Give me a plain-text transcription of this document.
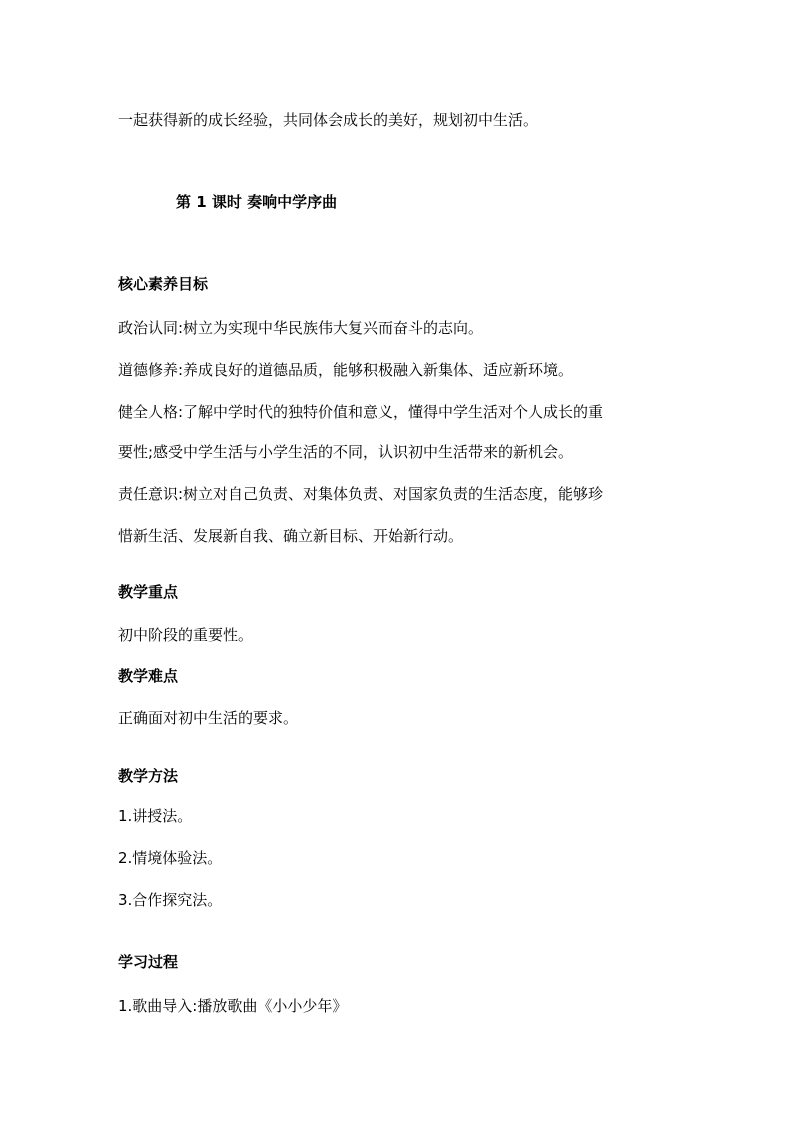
一起获得新的成长经验，共同体会成长的美好，规划初中生活。
第 1 课时 奏响中学序曲
核心素养目标
政治认同:树立为实现中华民族伟大复兴而奋斗的志向。
道德修养:养成良好的道德品质，能够积极融入新集体、适应新环境。
健全人格:了解中学时代的独特价值和意义，懂得中学生活对个人成长的重
要性;感受中学生活与小学生活的不同，认识初中生活带来的新机会。
责任意识:树立对自己负责、对集体负责、对国家负责的生活态度，能够珍
惜新生活、发展新自我、确立新目标、开始新行动。
教学重点
初中阶段的重要性。
教学难点
正确面对初中生活的要求。
教学方法
1.讲授法。
2.情境体验法。
3.合作探究法。
学习过程
1.歌曲导入:播放歌曲《小小少年》
